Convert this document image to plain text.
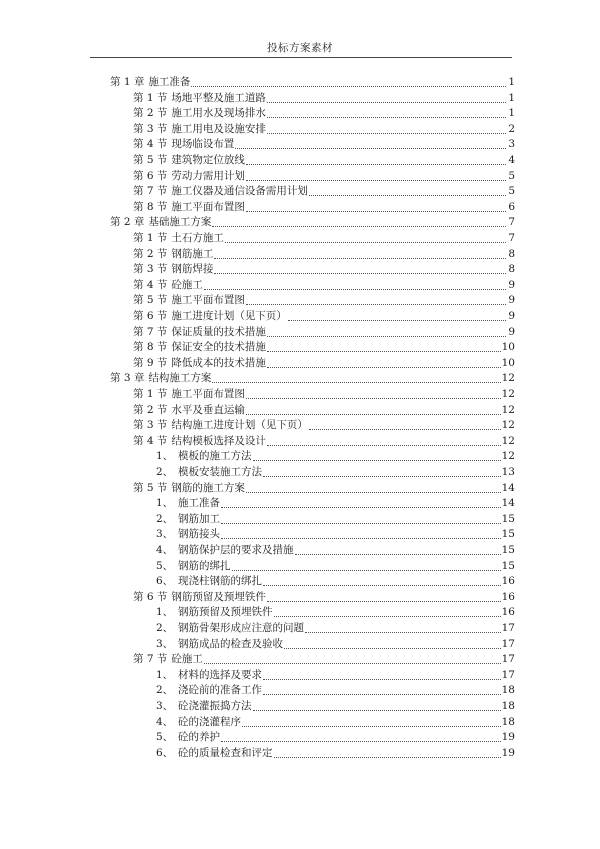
投标方案素材
第 1 章 施工准备	1
第 1 节 场地平整及施工道路	1
第 2 节 施工用水及现场排水	1
第 3 节 施工用电及设施安排	2
第 4 节 现场临设布置	3
第 5 节 建筑物定位放线	4
第 6 节 劳动力需用计划	5
第 7 节 施工仪器及通信设备需用计划	5
第 8 节 施工平面布置图	6
第 2 章 基础施工方案	7
第 1 节 土石方施工	7
第 2 节 钢筋施工	8
第 3 节 钢筋焊接	8
第 4 节 砼施工	9
第 5 节 施工平面布置图	9
第 6 节 施工进度计划（见下页）	9
第 7 节 保证质量的技术措施	9
第 8 节 保证安全的技术措施	10
第 9 节 降低成本的技术措施	10
第 3 章 结构施工方案	12
第 1 节 施工平面布置图	12
第 2 节 水平及垂直运输	12
第 3 节 结构施工进度计划（见下页）	12
第 4 节 结构模板选择及设计	12
1、 模板的施工方法	12
2、 模板安装施工方法	13
第 5 节 钢筋的施工方案	14
1、 施工准备	14
2、 钢筋加工	15
3、 钢筋接头	15
4、 钢筋保护层的要求及措施	15
5、 钢筋的绑扎	15
6、 现浇柱钢筋的绑扎	16
第 6 节 钢筋预留及预埋铁件	16
1、 钢筋预留及预埋铁件	16
2、 钢筋骨架形成应注意的问题	17
3、 钢筋成品的检查及验收	17
第 7 节 砼施工	17
1、 材料的选择及要求	17
2、 浇砼前的准备工作	18
3、 砼浇灌振捣方法	18
4、 砼的浇灌程序	18
5、 砼的养护	19
6、 砼的质量检查和评定	19
